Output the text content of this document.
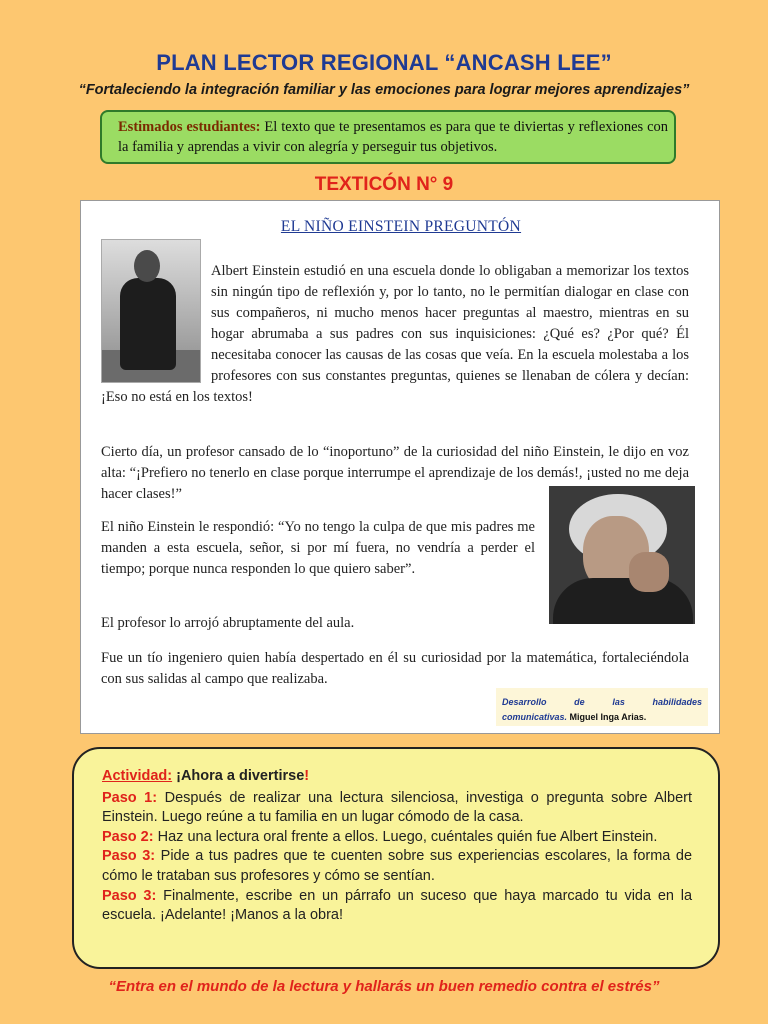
PLAN LECTOR REGIONAL “ANCASH LEE”
“Fortaleciendo la integración familiar y las emociones para lograr mejores aprendizajes”
Estimados estudiantes: El texto que te presentamos es para que te diviertas y reflexiones con la familia y aprendas a vivir con alegría y perseguir tus objetivos.
TEXTICÓN N° 9
EL NIÑO EINSTEIN PREGUNTÓN

Albert Einstein estudió en una escuela donde lo obligaban a memorizar los textos sin ningún tipo de reflexión y, por lo tanto, no le permitían dialogar en clase con sus compañeros, ni mucho menos hacer preguntas al maestro, mientras en su hogar abrumaba a sus padres con sus inquisiciones: ¿Qué es? ¿Por qué? Él necesitaba conocer las causas de las cosas que veía. En la escuela molestaba a los profesores con sus constantes preguntas, quienes se llenaban de cólera y decían: ¡Eso no está en los textos!

Cierto día, un profesor cansado de lo “inoportuno” de la curiosidad del niño Einstein, le dijo en voz alta: “¡Prefiero no tenerlo en clase porque interrumpe el aprendizaje de los demás!, ¡usted no me deja hacer clases!”

El niño Einstein le respondió: “Yo no tengo la culpa de que mis padres me manden a esta escuela, señor, si por mí fuera, no vendría a perder el tiempo; porque nunca responden lo que quiero saber”.

El profesor lo arrojó abruptamente del aula.

Fue un tío ingeniero quien había despertado en él su curiosidad por la matemática, fortaleciéndola con sus salidas al campo que realizaba.

Desarrollo	de	las	habilidades
comunicativas. Miguel Inga Arias.

Actividad: ¡Ahora a divertirse!

Paso 1: Después de realizar una lectura silenciosa, investiga o pregunta sobre Albert Einstein. Luego reúne a tu familia en un lugar cómodo de la casa.

Paso 2: Haz una lectura oral frente a ellos. Luego, cuéntales quién fue Albert Einstein.

Paso 3: Pide a tus padres que te cuenten sobre sus experiencias escolares, la forma de cómo le trataban sus profesores y cómo se sentían.

Paso 3: Finalmente, escribe en un párrafo un suceso que haya marcado tu vida en la escuela. ¡Adelante! ¡Manos a la obra!

“Entra en el mundo de la lectura y hallarás un buen remedio contra el estrés”
